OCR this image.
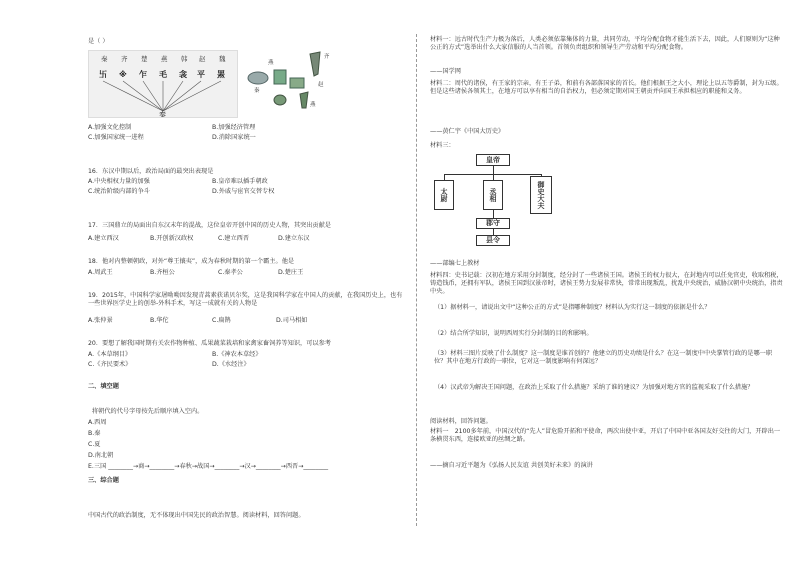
是（ ）
秦 齐 楚 燕 韩 赵 魏
卐 ※ 乍 毛 衾 平 罴
秦
齐
燕
赵
秦
燕
A.加强文化控制	B.加强经济管理
C.加强国家统一进程	D.消除国家统一
16．东汉中期以后，政治局面的最突出表现是
A.中央相权力量的加强	B.皇帝难以插手朝政
C.统治阶级内部的争斗	D.外戚与宦官交替专权
17．三国鼎立的局面出自东汉末年的混战，这位皇帝开创中国的历史人物，其突出贡献是
A.建立西汉	B.开创新汉政权	C.建立西晋	D.建立东汉
18．他对内整顿朝政，对外“尊王攘夷”，成为春秋时期的第一个霸主。他是
A.周武王	B.齐桓公	C.秦孝公	D.楚庄王
19．2015年，中国科学家屠呦呦因发现青蒿素获诺贝尔奖，这是我国科学家在中国人的贡献，在我国历史上，也有一些世界医学史上的创举-外科手术，写这一成就有关的人物是
A.张仲景	B.华佗	C.扁鹊	D.司马相如
20．要想了解我国时期有关农作物种植、瓜果蔬菜栽培和家禽家畜饲养等知识，可以参考
A.《本草纲目》	B.《神农本草经》
C.《齐民要术》	D.《水经注》
二、填空题
将朝代的代号字母按先后顺序填入空内。
A.西周
B.秦
C.夏
D.南北朝
E.三国 ________→商→________→春秋→战国→________→汉→________→西晋→________
三、综合题
中国古代的政治制度，无不体现出中国先民的政治智慧。阅读材料，回答问题。
材料一：远古时代生产力极为落后，人类必须依靠集体的力量，共同劳动，平均分配食物才能生活下去，因此，人们原则为“这种公正的方式”选举出什么大家信服的人当首领。首领负责组织和领导生产劳动和平均分配食物。
——国学网
材料二：周代的诸侯，有王家的宗亲，有王子弟，和前有各部落国家的首长。他们根据王之大小，理论上以五等爵制，封为五级。但是这些诸侯各领其土，在地方可以享有相当的自治权力，但必须定期对国王朝贡并向国王承担相应的职能和义务。
——黄仁宇《中国大历史》
材料三：
皇帝
太尉	丞相	御史大夫
郡守
县令
——部编七上教材
材料四：史书记载：汉初在地方采用分封制度，经分封了一些诸侯王国。诸侯王的权力很大，在封地内可以任免官吏，收取租税，铸造钱币，还拥有军队，诸侯王国到汉景帝时，诸侯王势力发展非常快，常常出现叛乱，扰乱中央统治，威胁汉朝中央统治，指责中央。
（1）据材料一，请说出文中“这种公正的方式”是指哪种制度？材料认为实行这一制度的依据是什么？
（2）结合所学知识，说明西周实行分封制的目的和影响。
（3）材料三图片反映了什么制度？这一制度是谁首创的？他建立的历史功绩是什么？在这一制度中中央掌管行政的是哪一职位？其中在地方行政的一职位，它对这一制度影响有何深远？
（4）汉武帝为解决王国问题，在政治上采取了什么措施？采纳了谁的建议？为加强对地方官的监视采取了什么措施？
阅读材料，回答问题。
材料一　2100多年前，中国汉代的“先人”冒危险开拓和平使命，两次出使中亚，开启了中国中亚各国友好交往的大门，开辟出一条横贯东西，连接欧亚的丝绸之路。
——摘自习近平题为《弘扬人民友谊 共创美好未来》的演讲
